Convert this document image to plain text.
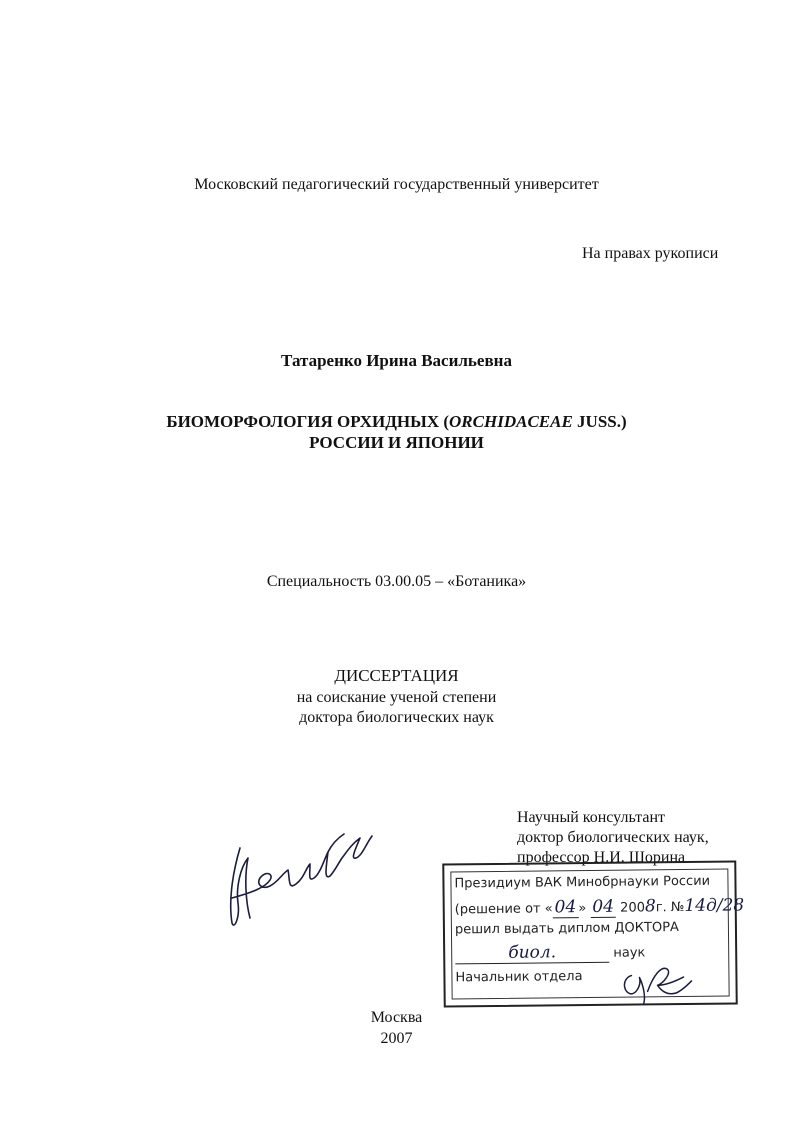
Московский педагогический государственный университет
На правах рукописи
Татаренко Ирина Васильевна
БИОМОРФОЛОГИЯ ОРХИДНЫХ (ORCHIDACEAE JUSS.)
РОССИИ И ЯПОНИИ
Специальность 03.00.05 – «Ботаника»
ДИССЕРТАЦИЯ
на соискание ученой степени
доктора биологических наук
Научный консультант
доктор биологических наук,
профессор Н.И. Шорина
Президиум ВАК Минобрнауки России
(решение от « 04 » 04 2008г. №14д/28
решил выдать диплом ДОКТОРА
биол.	наук
Начальник отдела
Москва
2007
